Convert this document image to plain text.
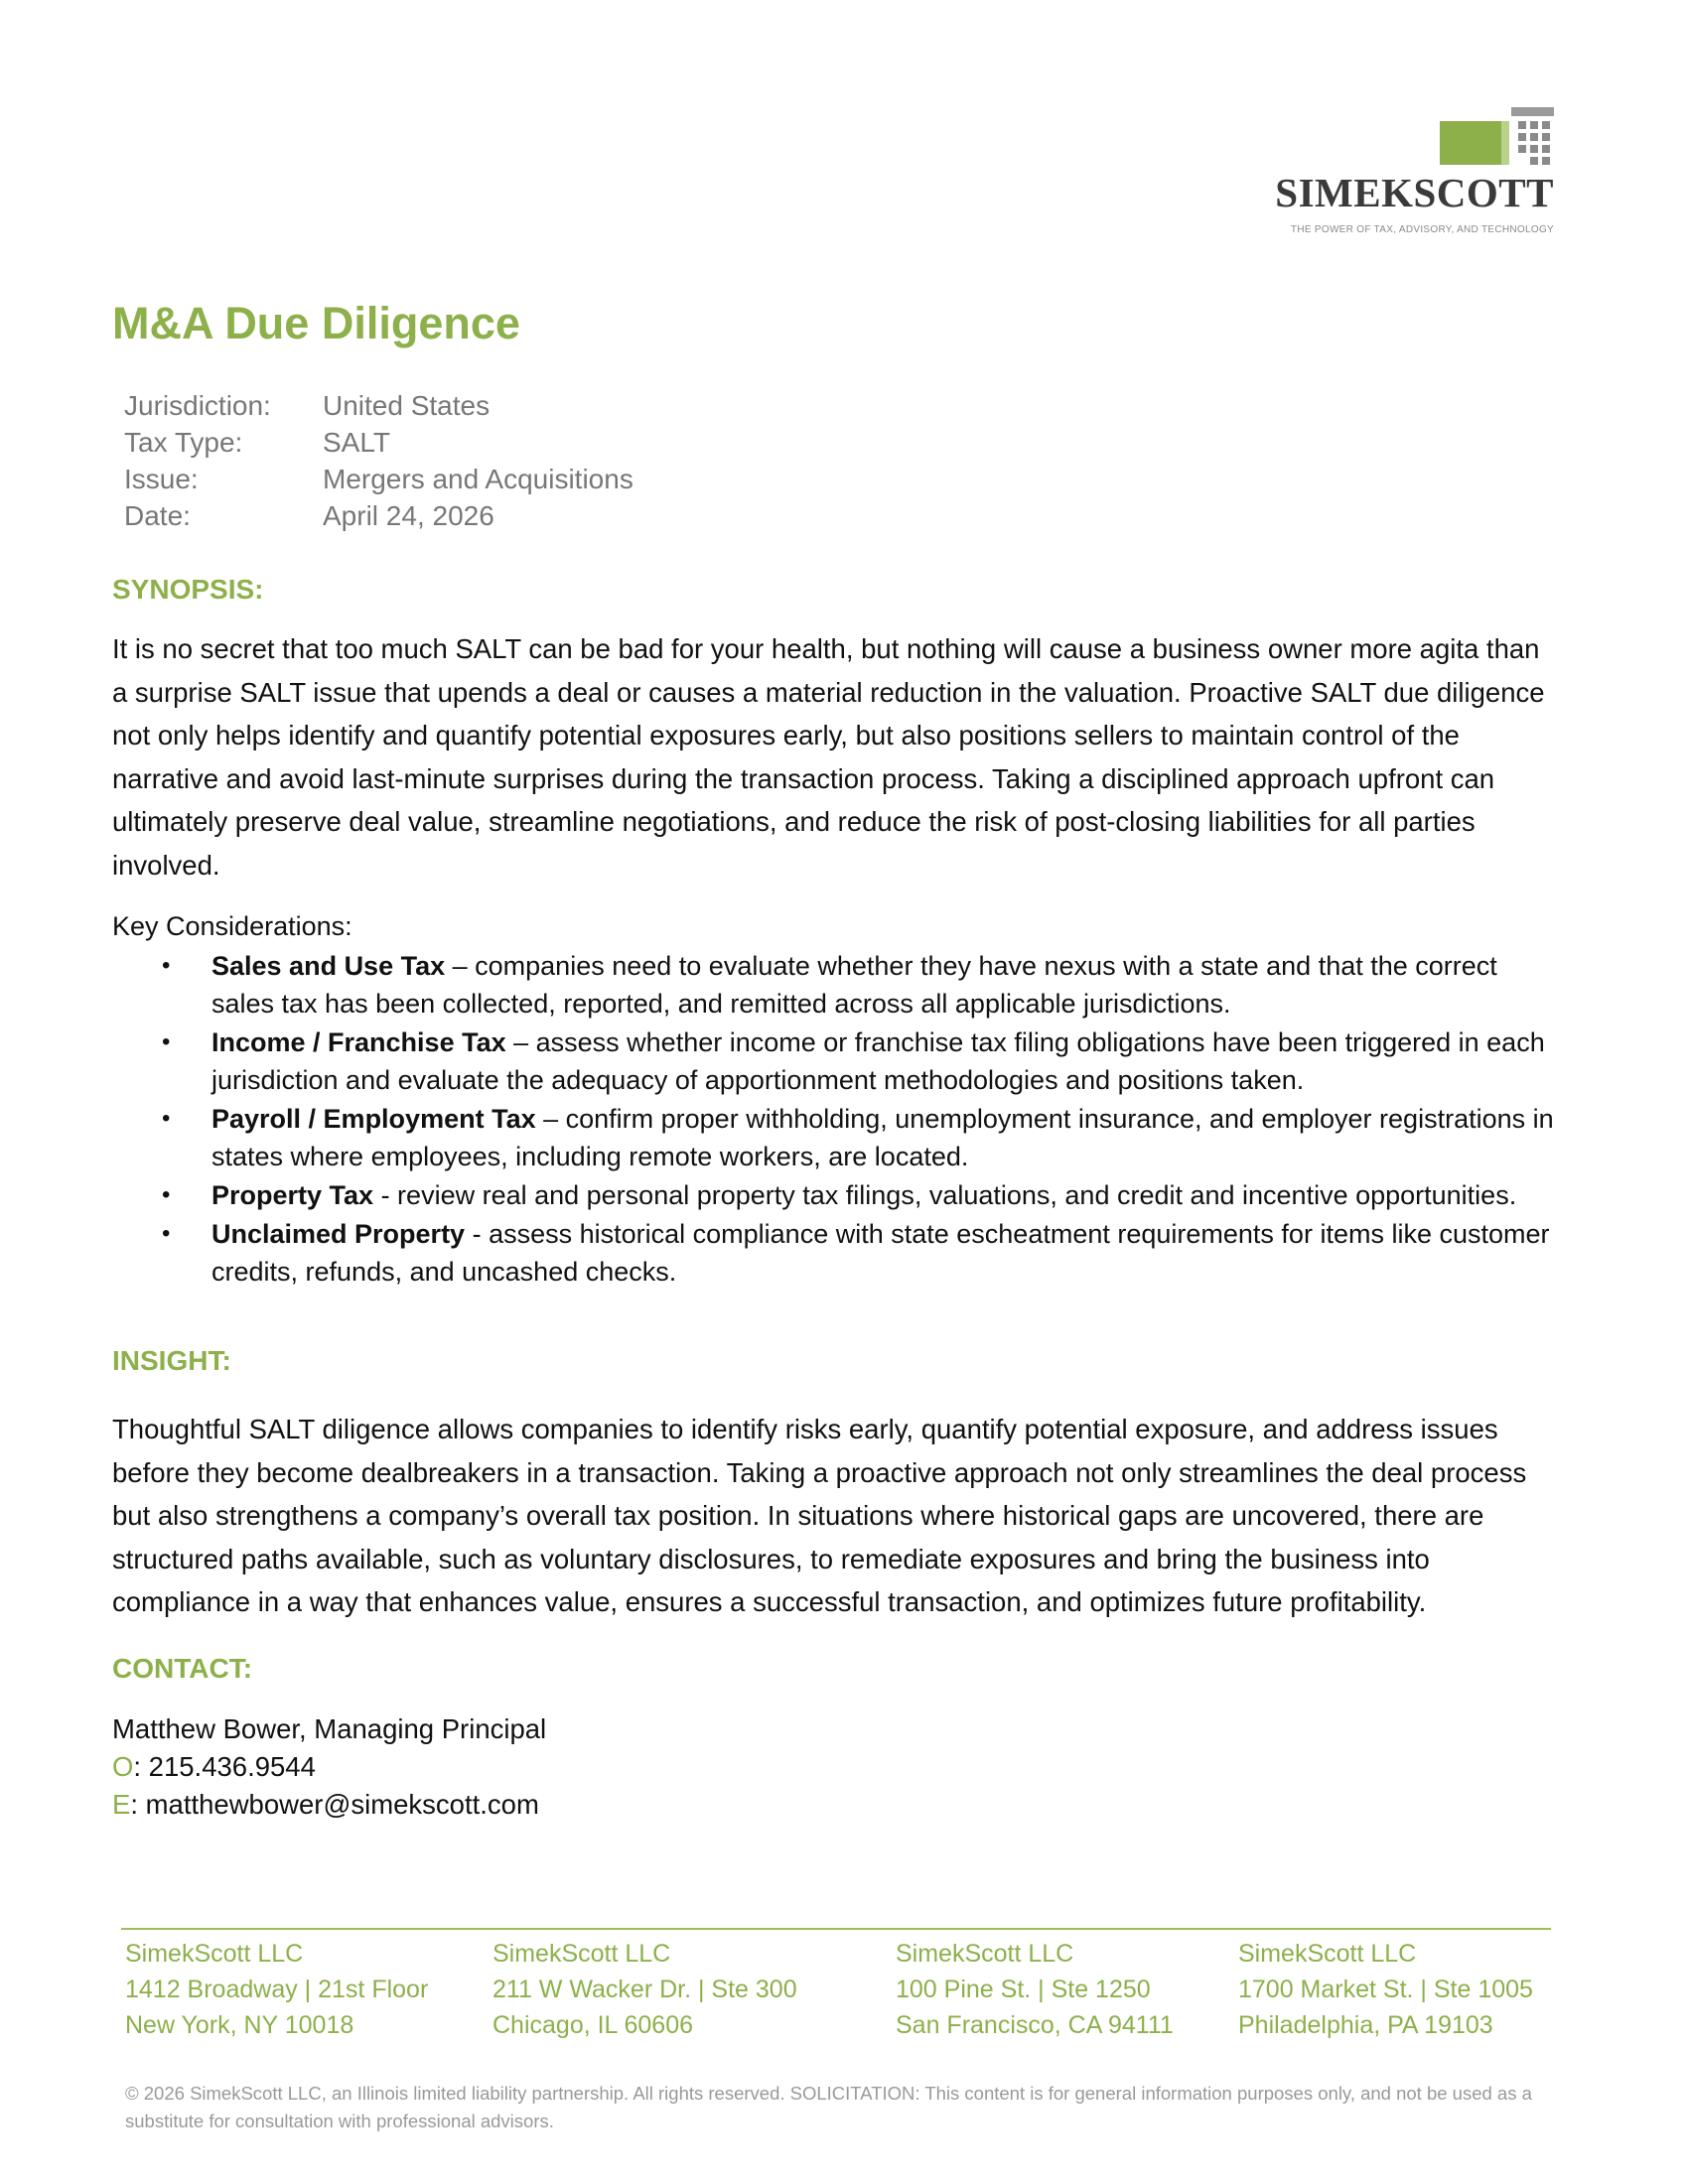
SIMEKSCOTT
THE POWER OF TAX, ADVISORY, AND TECHNOLOGY
M&A Due Diligence
Jurisdiction:	United States
Tax Type:	SALT
Issue:	Mergers and Acquisitions
Date:	April 24, 2026
SYNOPSIS:

It is no secret that too much SALT can be bad for your health, but nothing will cause a business owner more agita than a surprise SALT issue that upends a deal or causes a material reduction in the valuation. Proactive SALT due diligence not only helps identify and quantify potential exposures early, but also positions sellers to maintain control of the narrative and avoid last-minute surprises during the transaction process. Taking a disciplined approach upfront can ultimately preserve deal value, streamline negotiations, and reduce the risk of post-closing liabilities for all parties involved.

Key Considerations:

• Sales and Use Tax – companies need to evaluate whether they have nexus with a state and that the correct sales tax has been collected, reported, and remitted across all applicable jurisdictions.
• Income / Franchise Tax – assess whether income or franchise tax filing obligations have been triggered in each jurisdiction and evaluate the adequacy of apportionment methodologies and positions taken.
• Payroll / Employment Tax – confirm proper withholding, unemployment insurance, and employer registrations in states where employees, including remote workers, are located.
• Property Tax - review real and personal property tax filings, valuations, and credit and incentive opportunities.
• Unclaimed Property - assess historical compliance with state escheatment requirements for items like customer credits, refunds, and uncashed checks.
INSIGHT:

Thoughtful SALT diligence allows companies to identify risks early, quantify potential exposure, and address issues before they become dealbreakers in a transaction. Taking a proactive approach not only streamlines the deal process but also strengthens a company’s overall tax position. In situations where historical gaps are uncovered, there are structured paths available, such as voluntary disclosures, to remediate exposures and bring the business into compliance in a way that enhances value, ensures a successful transaction, and optimizes future profitability.

CONTACT:
Matthew Bower, Managing Principal
O: 215.436.9544
E: matthewbower@simekscott.com
SimekScott LLC
1412 Broadway | 21st Floor
New York, NY 10018
SimekScott LLC
211 W Wacker Dr. | Ste 300
Chicago, IL 60606
SimekScott LLC
100 Pine St. | Ste 1250
San Francisco, CA 94111
SimekScott LLC
1700 Market St. | Ste 1005
Philadelphia, PA 19103

© 2026 SimekScott LLC, an Illinois limited liability partnership. All rights reserved. SOLICITATION: This content is for general information purposes only, and not be used as a substitute for consultation with professional advisors.
